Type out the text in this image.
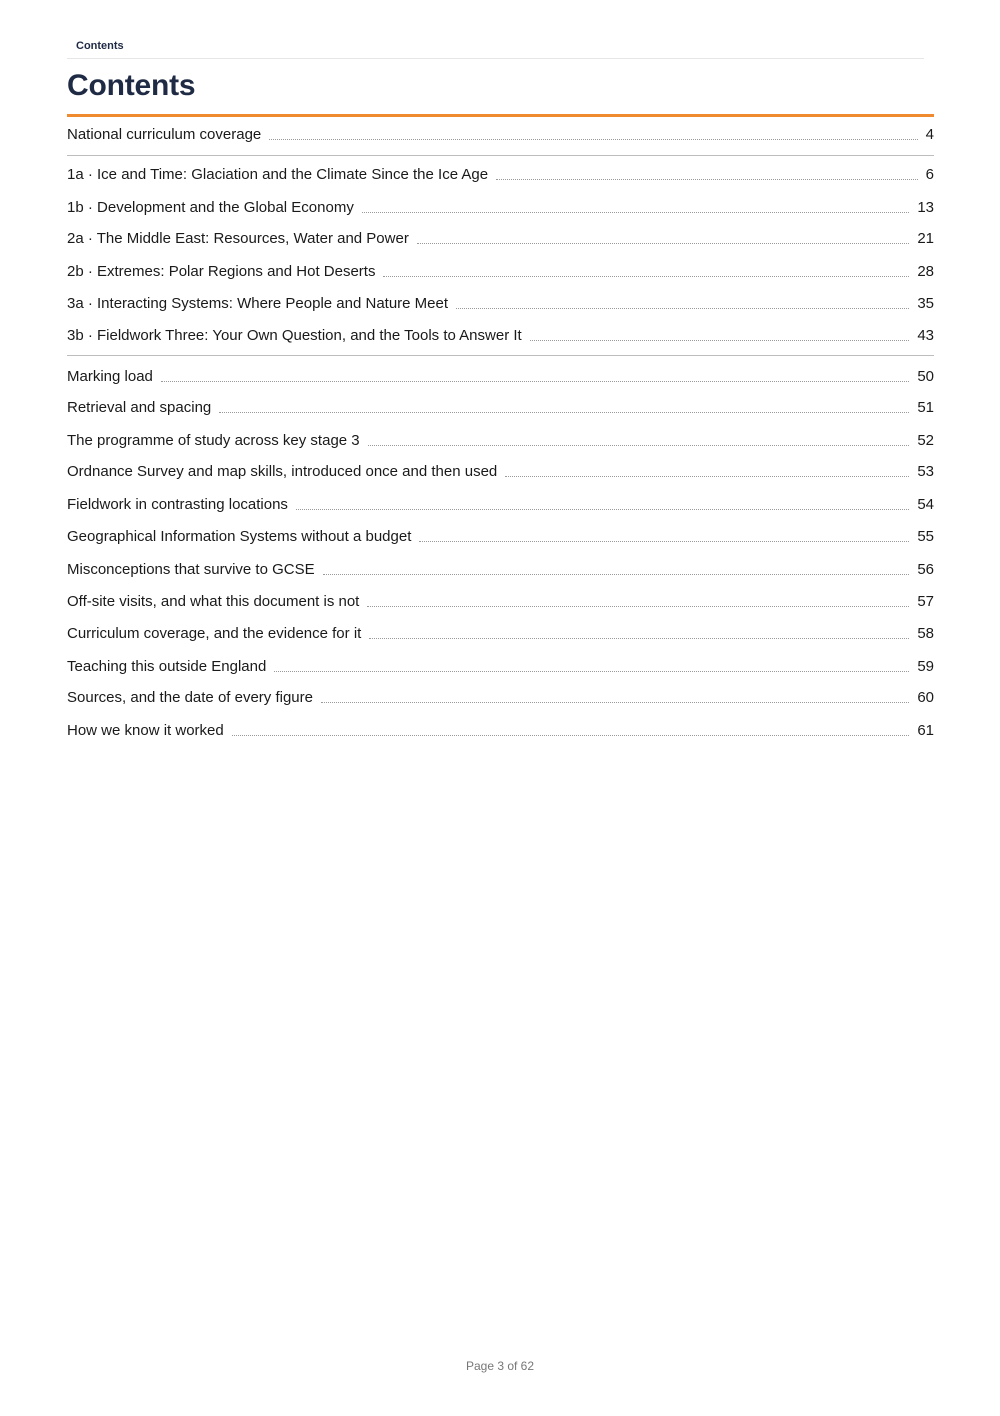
Contents
Contents
National curriculum coverage	4
1a · Ice and Time: Glaciation and the Climate Since the Ice Age	6
1b · Development and the Global Economy	13
2a · The Middle East: Resources, Water and Power	21
2b · Extremes: Polar Regions and Hot Deserts	28
3a · Interacting Systems: Where People and Nature Meet	35
3b · Fieldwork Three: Your Own Question, and the Tools to Answer It	43
Marking load	50
Retrieval and spacing	51
The programme of study across key stage 3	52
Ordnance Survey and map skills, introduced once and then used	53
Fieldwork in contrasting locations	54
Geographical Information Systems without a budget	55
Misconceptions that survive to GCSE	56
Off-site visits, and what this document is not	57
Curriculum coverage, and the evidence for it	58
Teaching this outside England	59
Sources, and the date of every figure	60
How we know it worked	61
Page 3 of 62
